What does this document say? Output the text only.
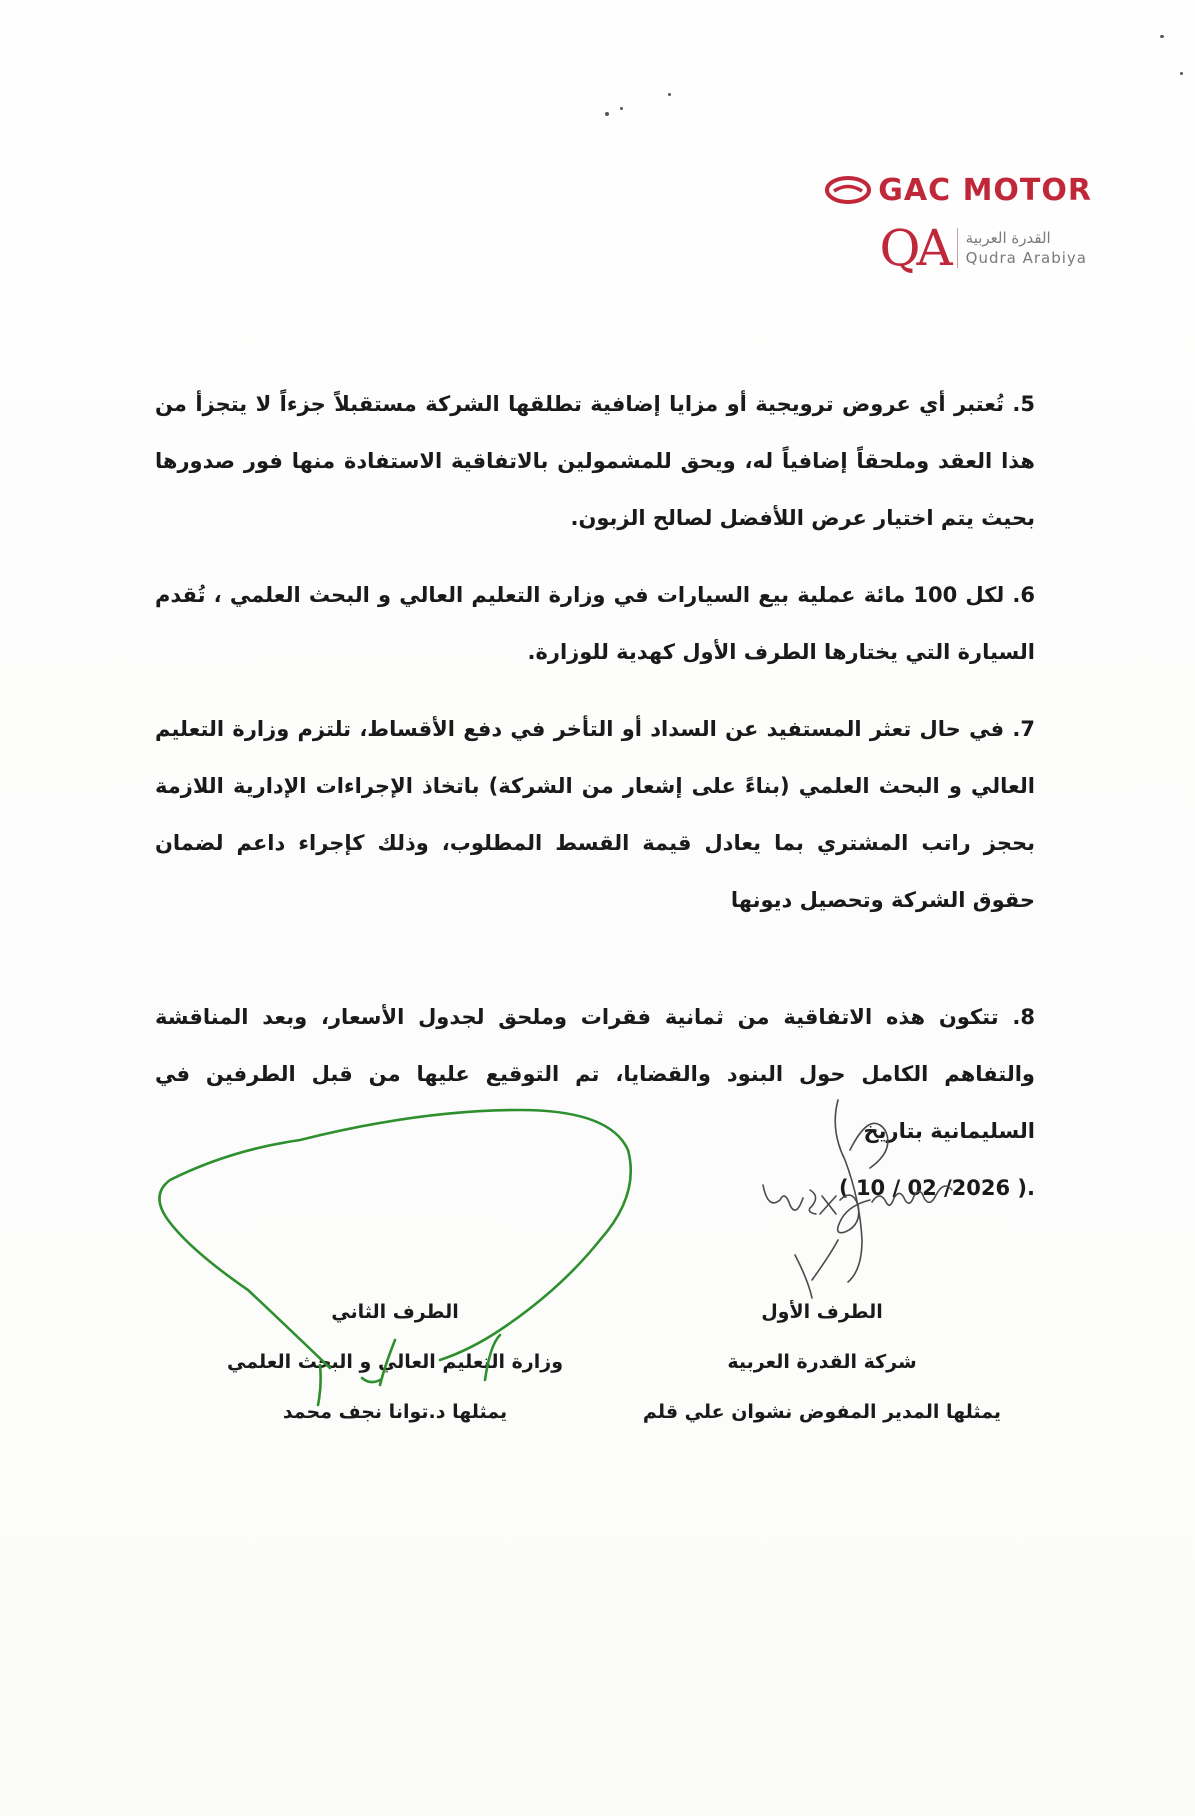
GAC MOTOR
QA القدرة العربية
Qudra Arabiya

5. تُعتبر أي عروض ترويجية أو مزايا إضافية تطلقها الشركة مستقبلاً جزءاً لا يتجزأ من هذا العقد وملحقاً إضافياً له، ويحق للمشمولين بالاتفاقية الاستفادة منها فور صدورها بحيث يتم اختيار عرض اللأفضل لصالح الزبون.

6. لكل 100 مائة عملية بيع السيارات في وزارة التعليم العالي و البحث العلمي ، تُقدم السيارة التي يختارها الطرف الأول كهدية للوزارة.

7. في حال تعثر المستفيد عن السداد أو التأخر في دفع الأقساط، تلتزم وزارة التعليم العالي و البحث العلمي (بناءً على إشعار من الشركة) باتخاذ الإجراءات الإدارية اللازمة بحجز راتب المشتري بما يعادل قيمة القسط المطلوب، وذلك كإجراء داعم لضمان حقوق الشركة وتحصيل ديونها

8. تتكون هذه الاتفاقية من ثمانية فقرات وملحق لجدول الأسعار، وبعد المناقشة والتفاهم الكامل حول البنود والقضايا، تم التوقيع عليها من قبل الطرفين في السليمانية بتاريخ

( 10 / 02 /2026 ).
الطرف الأول
شركة القدرة العربية
يمثلها المدير المفوض نشوان علي قلم
الطرف الثاني
وزارة التعليم العالي و البحث العلمي
يمثلها د.توانا نجف محمد
